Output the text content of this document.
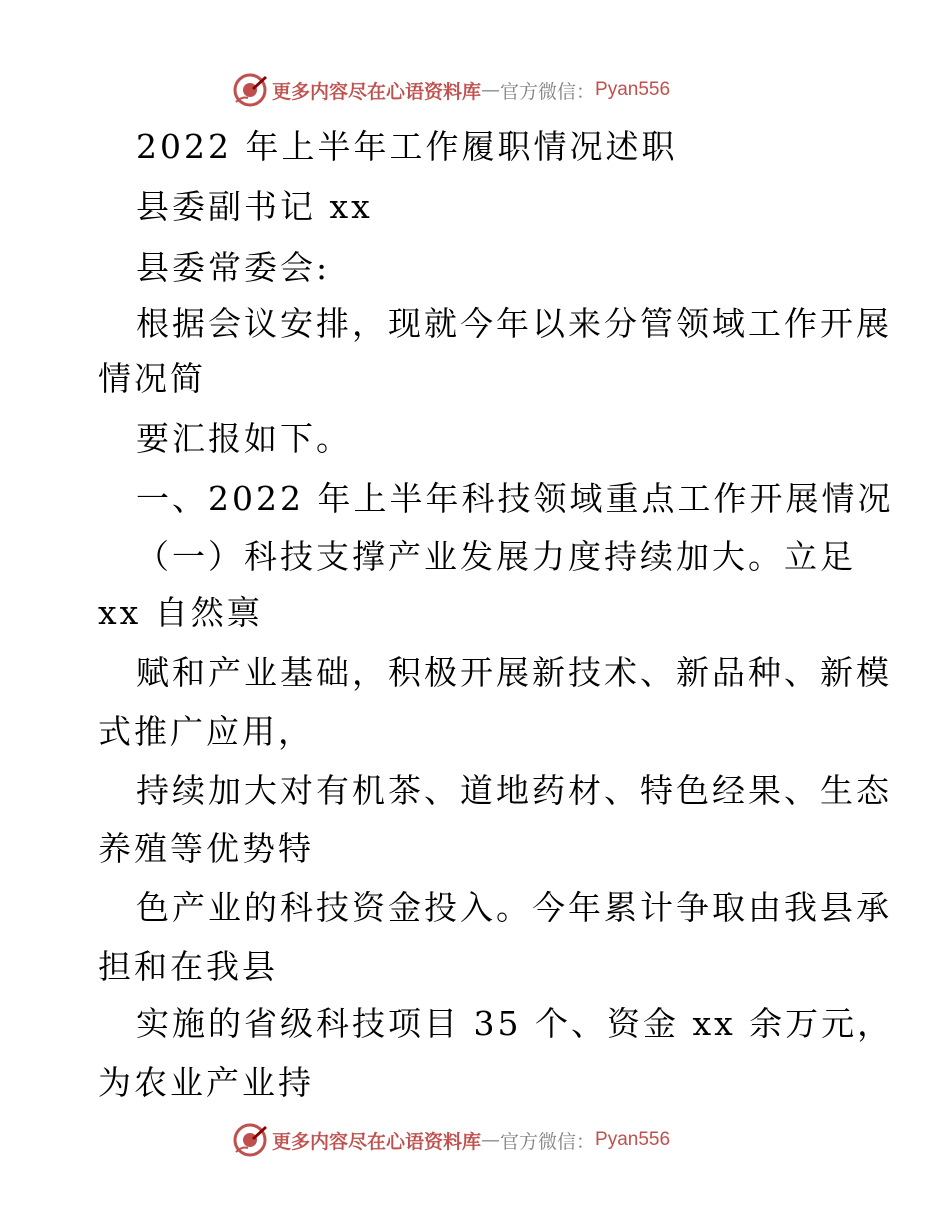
更多内容尽在心语资料库 — 官方微信： Pyan556
2022 年上半年工作履职情况述职
县委副书记 xx
县委常委会:
根据会议安排，现就今年以来分管领域工作开展
情况简
要汇报如下。
一、2022 年上半年科技领域重点工作开展情况
（一）科技支撑产业发展力度持续加大。立足
xx 自然禀
赋和产业基础，积极开展新技术、新品种、新模
式推广应用，
持续加大对有机茶、道地药材、特色经果、生态
养殖等优势特
色产业的科技资金投入。今年累计争取由我县承
担和在我县
实施的省级科技项目 35 个、资金 xx 余万元，
为农业产业持
更多内容尽在心语资料库 — 官方微信： Pyan556
